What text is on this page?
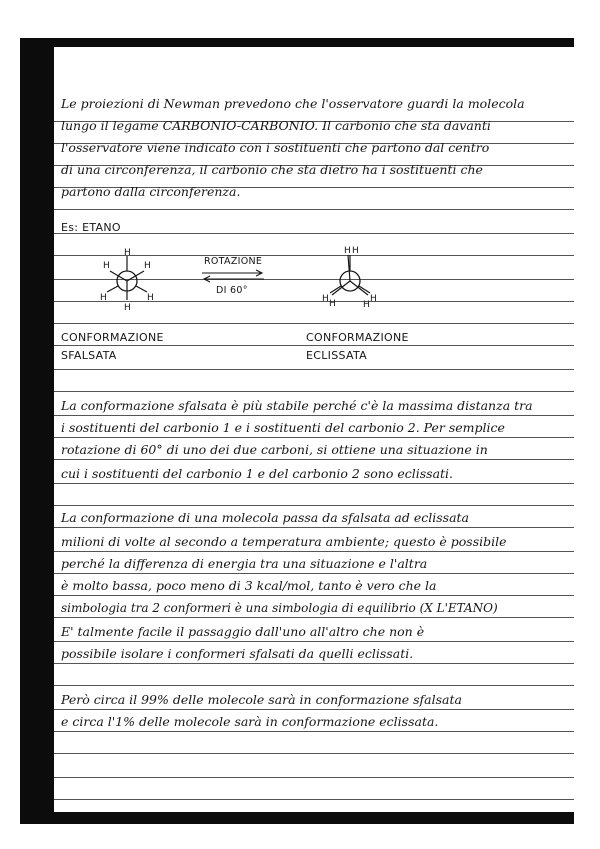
Le proiezioni di Newman prevedono che l'osservatore guardi la molecola
lungo il legame CARBONIO-CARBONIO. Il carbonio che sta davanti
l'osservatore viene indicato con i sostituenti che partono dal centro
di una circonferenza, il carbonio che sta dietro ha i sostituenti che
partono dalla circonferenza.
Es: ETANO
H
H	H
H	H
H
ROTAZIONE
DI 60°
H H
H H	H
H
CONFORMAZIONE
SFALSATA
CONFORMAZIONE
ECLISSATA
La conformazione sfalsata è più stabile perché c'è la massima distanza tra
i sostituenti del carbonio 1 e i sostituenti del carbonio 2. Per semplice
rotazione di 60° di uno dei due carboni, si ottiene una situazione in
cui i sostituenti del carbonio 1 e del carbonio 2 sono eclissati.
La conformazione di una molecola passa da sfalsata ad eclissata
milioni di volte al secondo a temperatura ambiente; questo è possibile
perché la differenza di energia tra una situazione e l'altra
è molto bassa, poco meno di 3 kcal/mol, tanto è vero che la
simbologia tra 2 conformeri è una simbologia di equilibrio (X L'ETANO)
E' talmente facile il passaggio dall'uno all'altro che non è
possibile isolare i conformeri sfalsati da quelli eclissati.
Però circa il 99% delle molecole sarà in conformazione sfalsata
e circa l'1% delle molecole sarà in conformazione eclissata.
